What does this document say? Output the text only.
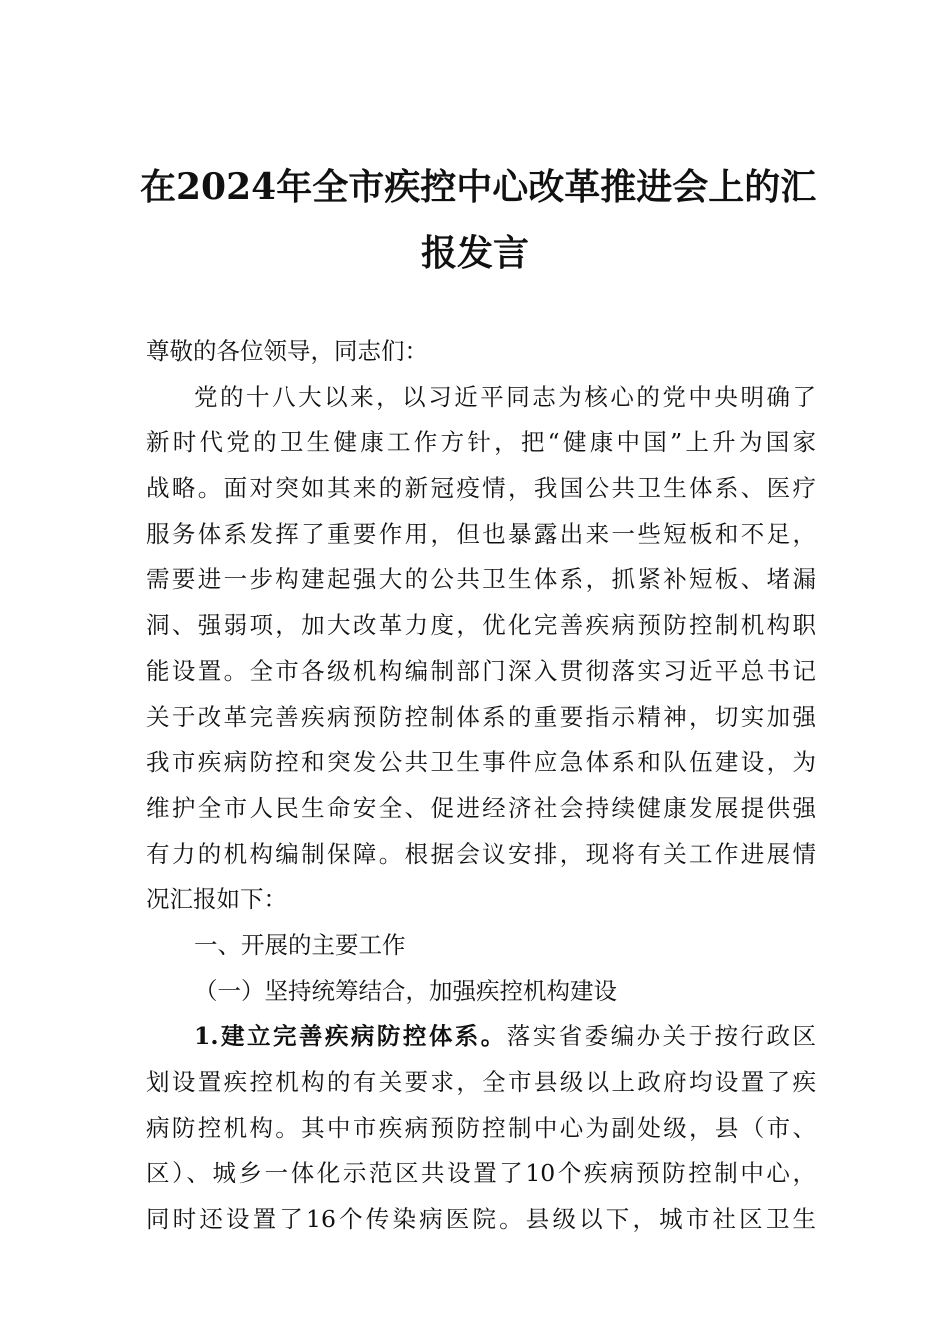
在2024年全市疾控中心改革推进会上的汇
报发言

尊敬的各位领导，同志们：

党的十八大以来，以习近平同志为核心的党中央明确了
新时代党的卫生健康工作方针，把“健康中国”上升为国家
战略。面对突如其来的新冠疫情，我国公共卫生体系、医疗
服务体系发挥了重要作用，但也暴露出来一些短板和不足，
需要进一步构建起强大的公共卫生体系，抓紧补短板、堵漏
洞、强弱项，加大改革力度，优化完善疾病预防控制机构职
能设置。全市各级机构编制部门深入贯彻落实习近平总书记
关于改革完善疾病预防控制体系的重要指示精神，切实加强
我市疾病防控和突发公共卫生事件应急体系和队伍建设，为
维护全市人民生命安全、促进经济社会持续健康发展提供强
有力的机构编制保障。根据会议安排，现将有关工作进展情
况汇报如下：

一、开展的主要工作

（一）坚持统筹结合，加强疾控机构建设

1.建立完善疾病防控体系。落实省委编办关于按行政区
划设置疾控机构的有关要求，全市县级以上政府均设置了疾
病防控机构。其中市疾病预防控制中心为副处级，县（市、
区）、城乡一体化示范区共设置了10个疾病预防控制中心，
同时还设置了16个传染病医院。县级以下，城市社区卫生
